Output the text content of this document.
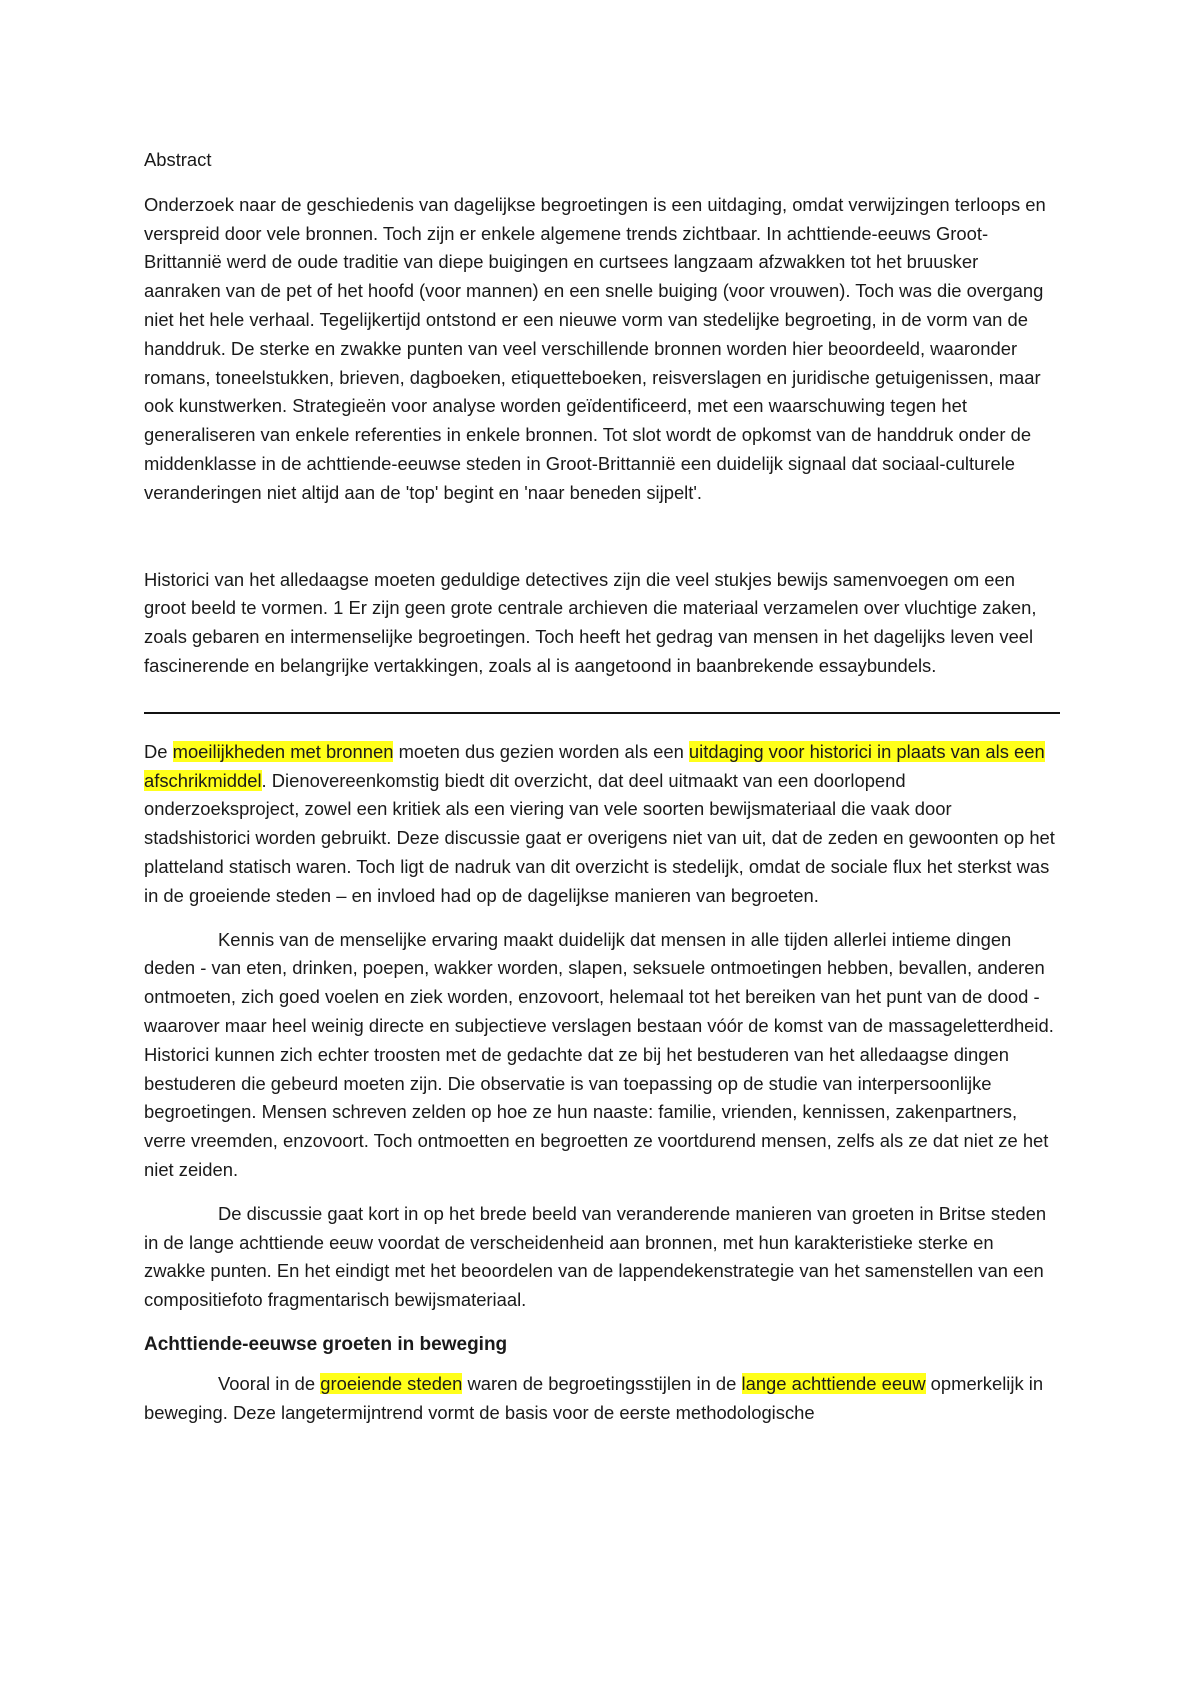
Abstract

Onderzoek naar de geschiedenis van dagelijkse begroetingen is een uitdaging, omdat verwijzingen terloops en verspreid door vele bronnen. Toch zijn er enkele algemene trends zichtbaar. In achttiende-eeuws Groot-Brittannië werd de oude traditie van diepe buigingen en curtsees langzaam afzwakken tot het bruusker aanraken van de pet of het hoofd (voor mannen) en een snelle buiging (voor vrouwen). Toch was die overgang niet het hele verhaal. Tegelijkertijd ontstond er een nieuwe vorm van stedelijke begroeting, in de vorm van de handdruk. De sterke en zwakke punten van veel verschillende bronnen worden hier beoordeeld, waaronder romans, toneelstukken, brieven, dagboeken, etiquetteboeken, reisverslagen en juridische getuigenissen, maar ook kunstwerken. Strategieën voor analyse worden geïdentificeerd, met een waarschuwing tegen het generaliseren van enkele referenties in enkele bronnen. Tot slot wordt de opkomst van de handdruk onder de middenklasse in de achttiende-eeuwse steden in Groot-Brittannië een duidelijk signaal dat sociaal-culturele veranderingen niet altijd aan de 'top' begint en 'naar beneden sijpelt'.

Historici van het alledaagse moeten geduldige detectives zijn die veel stukjes bewijs samenvoegen om een groot beeld te vormen. 1 Er zijn geen grote centrale archieven die materiaal verzamelen over vluchtige zaken, zoals gebaren en intermenselijke begroetingen. Toch heeft het gedrag van mensen in het dagelijks leven veel fascinerende en belangrijke vertakkingen, zoals al is aangetoond in baanbrekende essaybundels.

De moeilijkheden met bronnen moeten dus gezien worden als een uitdaging voor historici in plaats van als een afschrikmiddel. Dienovereenkomstig biedt dit overzicht, dat deel uitmaakt van een doorlopend onderzoeksproject, zowel een kritiek als een viering van vele soorten bewijsmateriaal die vaak door stadshistorici worden gebruikt. Deze discussie gaat er overigens niet van uit, dat de zeden en gewoonten op het platteland statisch waren. Toch ligt de nadruk van dit overzicht is stedelijk, omdat de sociale flux het sterkst was in de groeiende steden – en invloed had op de dagelijkse manieren van begroeten.

Kennis van de menselijke ervaring maakt duidelijk dat mensen in alle tijden allerlei intieme dingen deden - van eten, drinken, poepen, wakker worden, slapen, seksuele ontmoetingen hebben, bevallen, anderen ontmoeten, zich goed voelen en ziek worden, enzovoort, helemaal tot het bereiken van het punt van de dood - waarover maar heel weinig directe en subjectieve verslagen bestaan vóór de komst van de massageletterdheid. Historici kunnen zich echter troosten met de gedachte dat ze bij het bestuderen van het alledaagse dingen bestuderen die gebeurd moeten zijn. Die observatie is van toepassing op de studie van interpersoonlijke begroetingen. Mensen schreven zelden op hoe ze hun naaste: familie, vrienden, kennissen, zakenpartners, verre vreemden, enzovoort. Toch ontmoetten en begroetten ze voortdurend mensen, zelfs als ze dat niet ze het niet zeiden.

De discussie gaat kort in op het brede beeld van veranderende manieren van groeten in Britse steden in de lange achttiende eeuw voordat de verscheidenheid aan bronnen, met hun karakteristieke sterke en zwakke punten. En het eindigt met het beoordelen van de lappendekenstrategie van het samenstellen van een compositiefoto fragmentarisch bewijsmateriaal.

Achttiende-eeuwse groeten in beweging

Vooral in de groeiende steden waren de begroetingsstijlen in de lange achttiende eeuw opmerkelijk in beweging. Deze langetermijntrend vormt de basis voor de eerste methodologische
